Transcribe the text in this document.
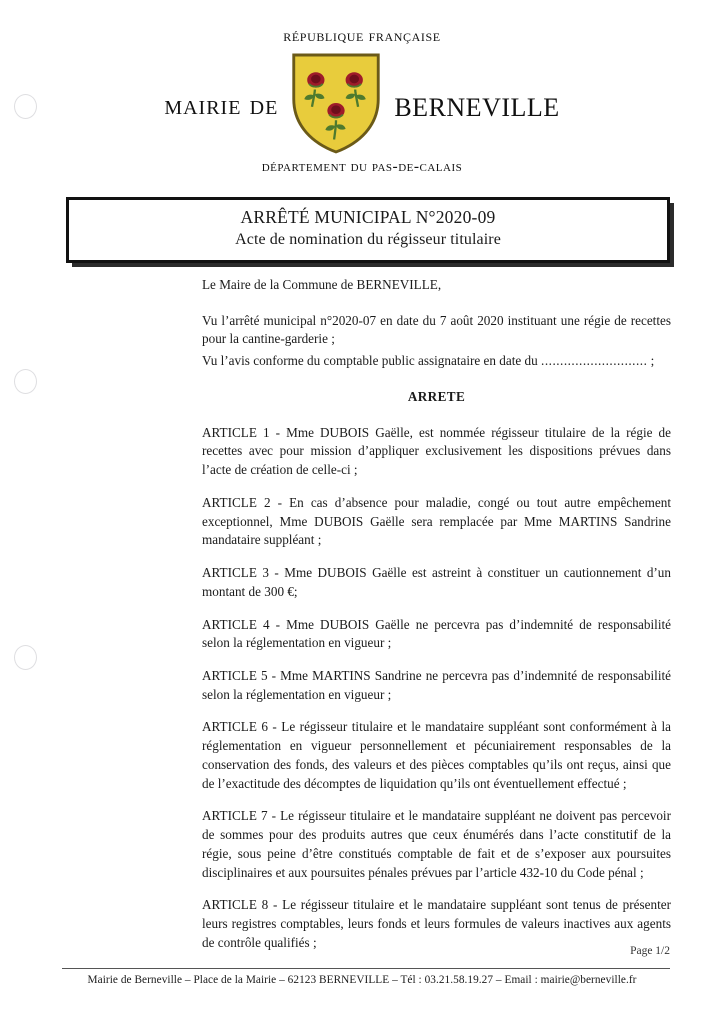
république française
mairie de	berneville
département du pas-de-calais
ARRÊTÉ MUNICIPAL N°2020-09
Acte de nomination du régisseur titulaire

Le Maire de la Commune de BERNEVILLE,

Vu l’arrêté municipal n°2020-07 en date du 7 août 2020 instituant une régie de recettes pour la cantine-garderie ;

Vu l’avis conforme du comptable public assignataire en date du ............................ ;

ARRETE

ARTICLE 1 - Mme DUBOIS Gaëlle, est nommée régisseur titulaire de la régie de recettes avec pour mission d’appliquer exclusivement les dispositions prévues dans l’acte de création de celle-ci ;

ARTICLE 2 - En cas d’absence pour maladie, congé ou tout autre empêchement exceptionnel, Mme DUBOIS Gaëlle sera remplacée par Mme MARTINS Sandrine mandataire suppléant ;

ARTICLE 3 - Mme DUBOIS Gaëlle est astreint à constituer un cautionnement d’un montant de 300 €;

ARTICLE 4 - Mme DUBOIS Gaëlle ne percevra pas d’indemnité de responsabilité selon la réglementation en vigueur ;

ARTICLE 5 - Mme MARTINS Sandrine ne percevra pas d’indemnité de responsabilité selon la réglementation en vigueur ;

ARTICLE 6 - Le régisseur titulaire et le mandataire suppléant sont conformément à la réglementation en vigueur personnellement et pécuniairement responsables de la conservation des fonds, des valeurs et des pièces comptables qu’ils ont reçus, ainsi que de l’exactitude des décomptes de liquidation qu’ils ont éventuellement effectué ;

ARTICLE 7 - Le régisseur titulaire et le mandataire suppléant ne doivent pas percevoir de sommes pour des produits autres que ceux énumérés dans l’acte constitutif de la régie, sous peine d’être constitués comptable de fait et de s’exposer aux poursuites disciplinaires et aux poursuites pénales prévues par l’article 432-10 du Code pénal ;

ARTICLE 8 - Le régisseur titulaire et le mandataire suppléant sont tenus de présenter leurs registres comptables, leurs fonds et leurs formules de valeurs inactives aux agents de contrôle qualifiés ;

Page 1/2
Mairie de Berneville – Place de la Mairie – 62123 BERNEVILLE – Tél : 03.21.58.19.27 – Email : mairie@berneville.fr
